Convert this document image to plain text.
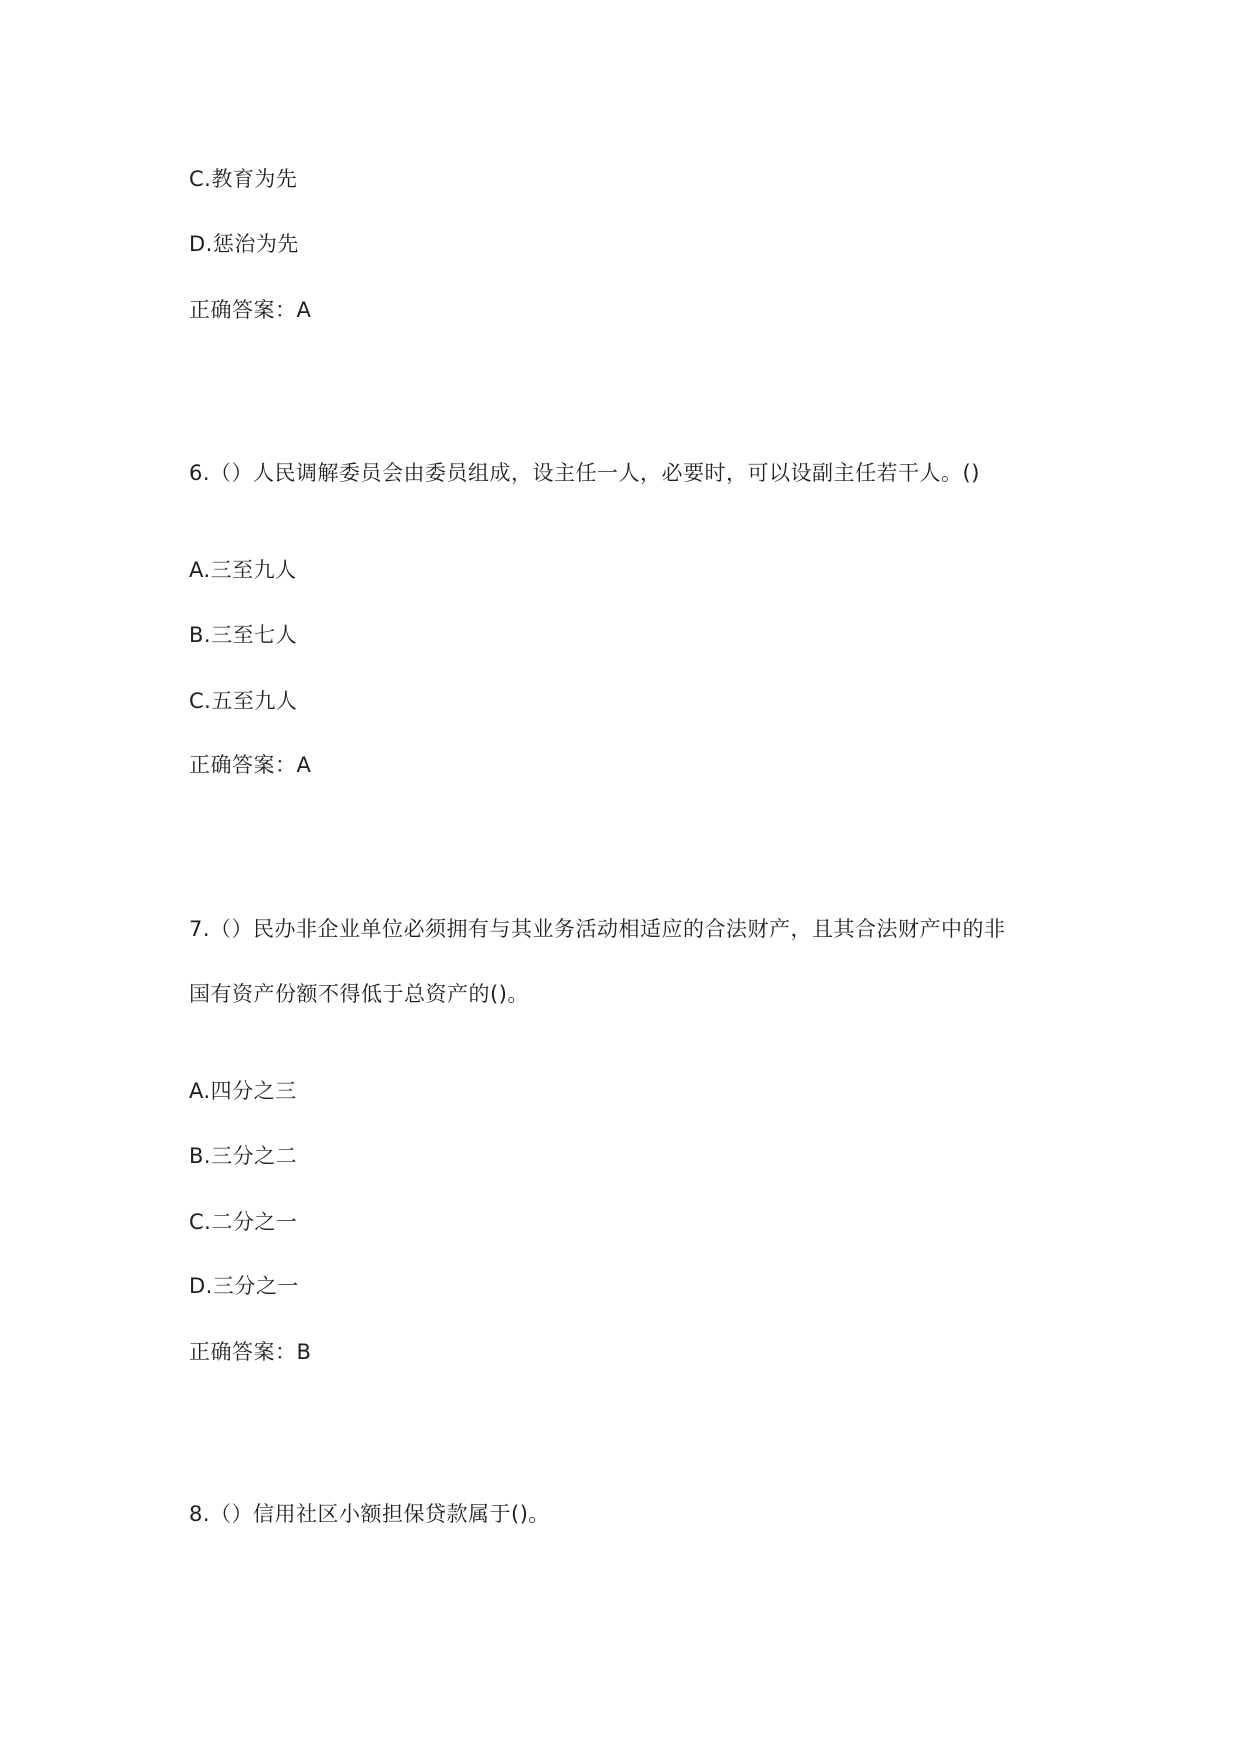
C.教育为先
D.惩治为先
正确答案：A
6.（）人民调解委员会由委员组成，设主任一人，必要时，可以设副主任若干人。()
A.三至九人
B.三至七人
C.五至九人
正确答案：A
7.（）民办非企业单位必须拥有与其业务活动相适应的合法财产，且其合法财产中的非
国有资产份额不得低于总资产的()。
A.四分之三
B.三分之二
C.二分之一
D.三分之一
正确答案：B
8.（）信用社区小额担保贷款属于()。
